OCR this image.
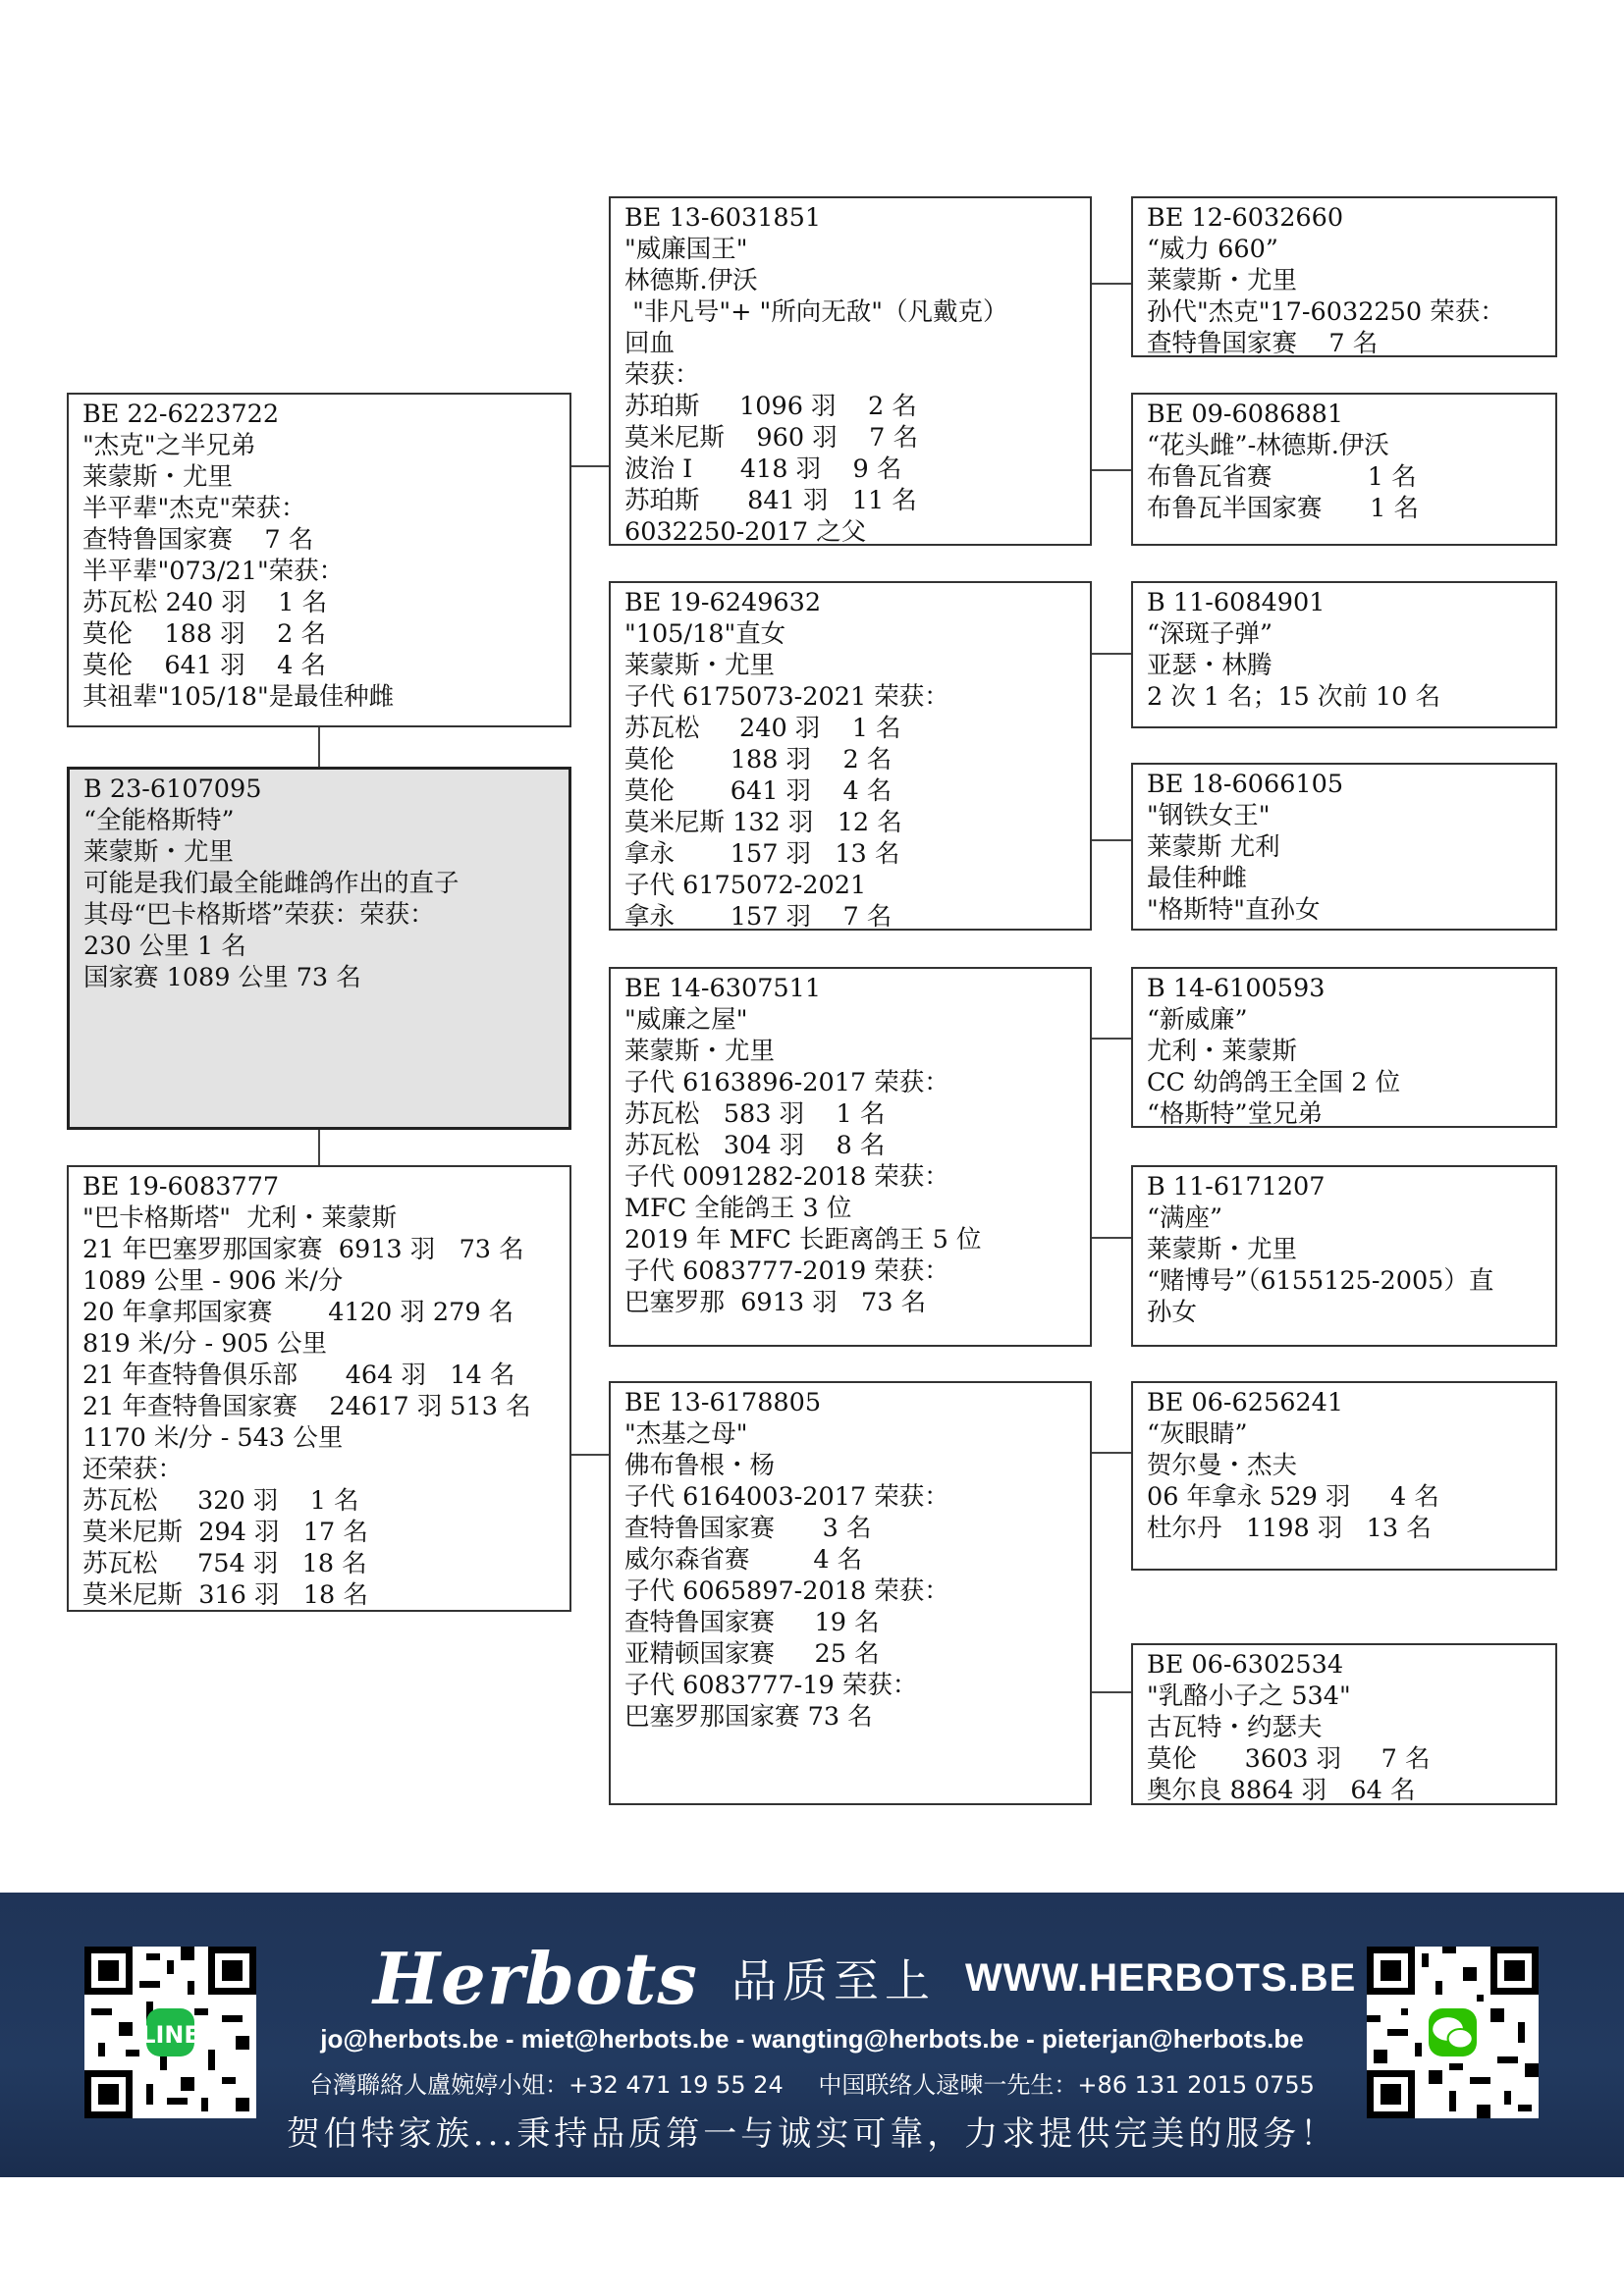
BE 22-6223722
"杰克"之半兄弟
莱蒙斯・尤里
半平辈"杰克"荣获：
查特鲁国家赛    7 名
半平辈"073/21"荣获：
苏瓦松 240 羽    1 名
莫伦    188 羽    2 名
莫伦    641 羽    4 名
其祖辈"105/18"是最佳种雌
B 23-6107095
“全能格斯特”
莱蒙斯・尤里
可能是我们最全能雌鸽作出的直子
其母“巴卡格斯塔”荣获：荣获：
230 公里 1 名
国家赛 1089 公里 73 名
BE 19-6083777
"巴卡格斯塔"  尤利・莱蒙斯
21 年巴塞罗那国家赛  6913 羽   73 名
1089 公里 - 906 米/分
20 年拿邦国家赛       4120 羽 279 名
819 米/分 - 905 公里
21 年查特鲁俱乐部      464 羽   14 名
21 年查特鲁国家赛    24617 羽 513 名
1170 米/分 - 543 公里
还荣获：
苏瓦松     320 羽    1 名
莫米尼斯  294 羽   17 名
苏瓦松     754 羽   18 名
莫米尼斯  316 羽   18 名
BE 13-6031851
"威廉国王"
林德斯.伊沃
"非凡号"+ "所向无敌"（凡戴克）
回血
荣获：
苏珀斯     1096 羽    2 名
莫米尼斯    960 羽    7 名
波治 I      418 羽    9 名
苏珀斯      841 羽   11 名
6032250-2017 之父
BE 19-6249632
"105/18"直女
莱蒙斯・尤里
子代 6175073-2021 荣获：
苏瓦松     240 羽    1 名
莫伦       188 羽    2 名
莫伦       641 羽    4 名
莫米尼斯 132 羽   12 名
拿永       157 羽   13 名
子代 6175072-2021
拿永       157 羽    7 名
BE 14-6307511
"威廉之屋"
莱蒙斯・尤里
子代 6163896-2017 荣获：
苏瓦松   583 羽    1 名
苏瓦松   304 羽    8 名
子代 0091282-2018 荣获：
MFC 全能鸽王 3 位
2019 年 MFC 长距离鸽王 5 位
子代 6083777-2019 荣获：
巴塞罗那  6913 羽   73 名
BE 13-6178805
"杰基之母"
佛布鲁根・杨
子代 6164003-2017 荣获：
查特鲁国家赛      3 名
威尔森省赛        4 名
子代 6065897-2018 荣获：
查特鲁国家赛     19 名
亚精顿国家赛     25 名
子代 6083777-19 荣获：
巴塞罗那国家赛 73 名
BE 12-6032660
“威力 660”
莱蒙斯・尤里
孙代"杰克"17-6032250 荣获：
查特鲁国家赛    7 名
BE 09-6086881
“花头雌”-林德斯.伊沃
布鲁瓦省赛            1 名
布鲁瓦半国家赛      1 名
B 11-6084901
“深斑子弹”
亚瑟・林腾
2 次 1 名；15 次前 10 名
BE 18-6066105
"钢铁女王"
莱蒙斯 尤利
最佳种雌
"格斯特"直孙女
B 14-6100593
“新威廉”
尤利・莱蒙斯
CC 幼鸽鸽王全国 2 位
“格斯特”堂兄弟
B 11-6171207
“满座”
莱蒙斯・尤里
“赌博号”（6155125-2005）直
孙女
BE 06-6256241
“灰眼睛”
贺尔曼・杰夫
06 年拿永 529 羽     4 名
杜尔丹   1198 羽   13 名
BE 06-6302534
"乳酪小子之 534"
古瓦特・约瑟夫
莫伦      3603 羽     7 名
奥尔良 8864 羽   64 名
LINE
Herbots 品质至上 WWW.HERBOTS.BE
jo@herbots.be - miet@herbots.be - wangting@herbots.be - pieterjan@herbots.be
台灣聯絡人盧婉婷小姐：+32 471 19 55 24 中国联络人逯暕一先生：+86 131 2015 0755
贺伯特家族...秉持品质第一与诚实可靠，力求提供完美的服务！
